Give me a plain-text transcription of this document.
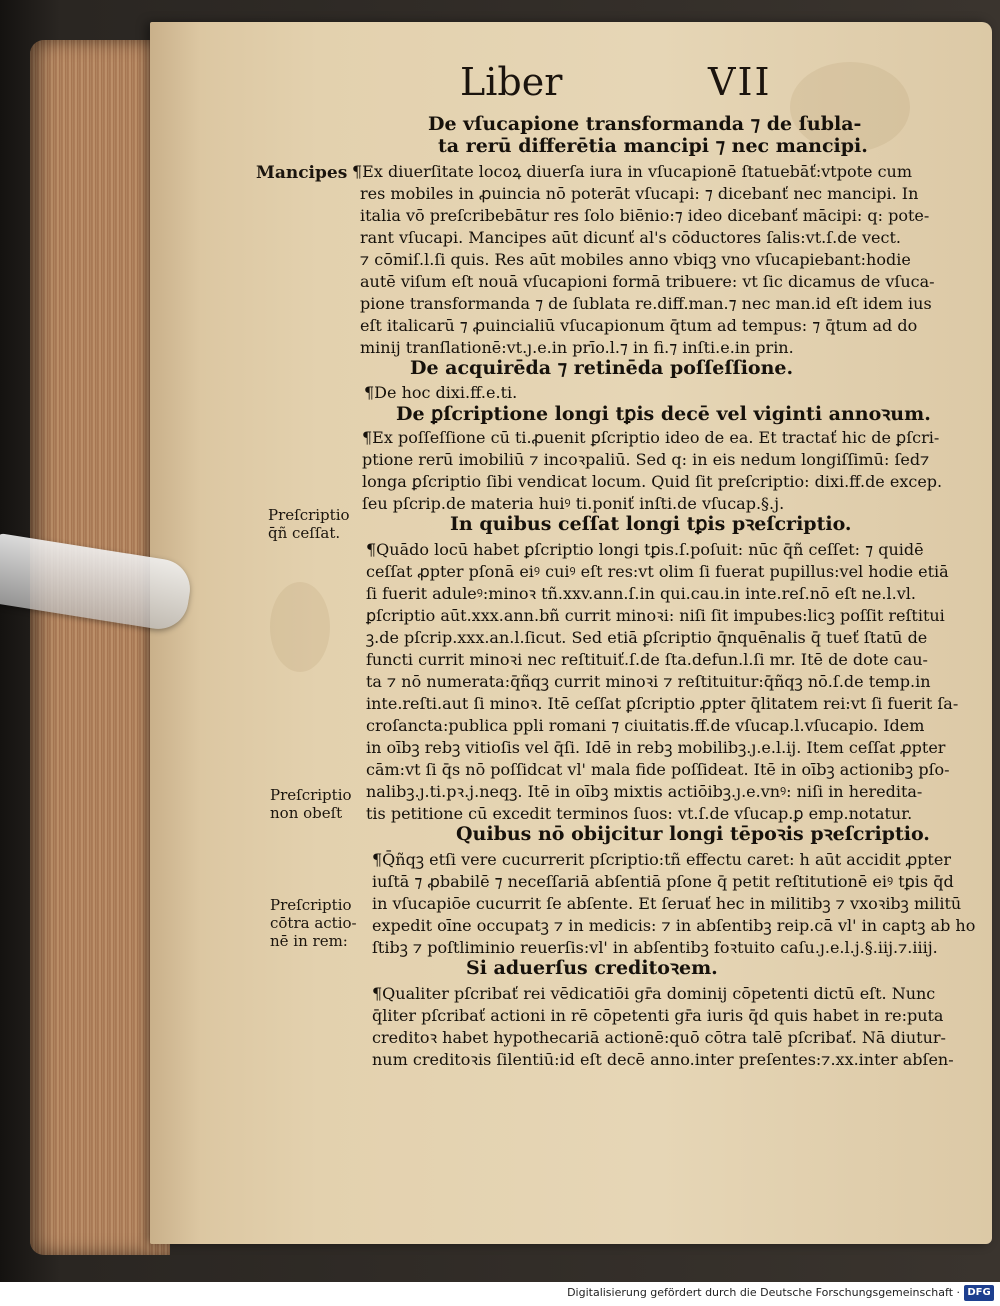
Liber	VII
De vſucapione transformanda ⁊ de ſubla-
ta rerū differētia mancipi ⁊ nec mancipi.
¶Ex diuerſitate locoꝝ diuerſa iura in vſucapionē ſtatuebāť:vtpote cum
res mobiles in ꝓuincia nō poterāt vſucapi: ⁊ dicebanť nec mancipi. In
italia vō preſcribebātur res ſolo biēnio:⁊ ideo dicebanť mācipi: q: pote-
rant vſucapi. Mancipes aūt dicunť al's cōductores ſalis:vt.ſ.de vect.
⁊ cōmiſ.l.ſi quis. Res aūt mobiles anno vbiqꝫ vno vſucapiebant:hodie
autē viſum eſt nouā vſucapioni formā tribuere: vt ſic dicamus de vſuca-
pione transformanda ⁊ de ſublata re.diff.man.⁊ nec man.id eſt idem ius
eſt italicarū ⁊ ꝓuincialiū vſucapionum q̄tum ad tempus: ⁊ q̄tum ad do
minij tranſlationē:vt.ȷ.e.in prīo.l.⁊ in fi.⁊ inſti.e.in prin.
De acquirēda ⁊ retinēda poſſeſſione.
¶De hoc dixi.ff.e.ti.
De ꝑſcriptione longi tꝑis decē vel viginti annoꝛum.
¶Ex poſſeſſione cū ti.ꝓuenit ꝑſcriptio ideo de ea. Et tractať hic de ꝑſcri-
ptione rerū imobiliū ⁊ incoꝛpaliū. Sed q: in eis nedum longiſſimū: ſed⁊
longa ꝑſcriptio ſibi vendicat locum. Quid ſit preſcriptio: dixi.ff.de excep.
ſeu pſcrip.de materia huiꝰ ti.poniť inſti.de vſucap.§.j.
In quibus ceſſat longi tꝑis pꝛeſcriptio.
¶Quādo locū habet ꝑſcriptio longi tꝑis.ſ.poſuit: nūc q̄ñ ceſſet: ⁊ quidē
ceſſat ꝓpter pſonā eiꝰ cuiꝰ eſt res:vt olim ſi fuerat pupillus:vel hodie etiā
ſi fuerit aduleꝰ:minoꝛ tñ.xxv.ann.ſ.in qui.cau.in inte.reſ.nō eſt ne.l.vl.
ꝑſcriptio aūt.xxx.ann.bñ currit minoꝛi: niſi ſit impubes:licꝫ poſſit reſtitui
ꝫ.de pſcrip.xxx.an.l.ſicut. Sed etiā ꝑſcriptio q̄nquēnalis q̄ tueť ſtatū de
functi currit minoꝛi nec reſtituiť.ſ.de ſta.defun.l.ſi mr. Itē de dote cau-
ta ⁊ nō numerata:q̄ñqꝫ currit minoꝛi ⁊ reſtituitur:q̄ñqꝫ nō.ſ.de temp.in
inte.reſti.aut ſi minoꝛ. Itē ceſſat ꝑſcriptio ꝓpter q̄litatem rei:vt ſi fuerit ſa-
croſancta:publica ppli romani ⁊ ciuitatis.ff.de vſucap.l.vſucapio. Idem
in oībꝫ rebꝫ vitioſis vel q̄ſi. Idē in rebꝫ mobilibꝫ.ȷ.e.l.ij. Item ceſſat ꝓpter
cām:vt ſi q̄s nō poſſidcat vl' mala fide poſſideat. Itē in oībꝫ actionibꝫ pſo-
nalibꝫ.ȷ.ti.pꝛ.j.neqꝫ. Itē in oībꝫ mixtis actiōibꝫ.ȷ.e.vnꝰ: niſi in heredita-
tis petitione cū excedit terminos ſuos: vt.ſ.de vſucap.ꝑ emp.notatur.
Quibus nō obijcitur longi tēpoꝛis pꝛeſcriptio.
¶Q̄ñqꝫ etſi vere cucurrerit pſcriptio:tñ effectu caret: h aūt accidit ꝓpter
iuſtā ⁊ ꝓbabilē ⁊ neceſſariā abſentiā pſone q̄ petit reſtitutionē eiꝰ tꝑis q̄d
in vſucapiōe cucurrit ſe abſente. Et ſeruať hec in militibꝫ ⁊ vxoꝛibꝫ militū
expedit oīne occupatꝫ ⁊ in medicis: ⁊ in abſentibꝫ reip.cā vl' in captꝫ ab ho
ſtibꝫ ⁊ poſtliminio reuerſis:vl' in abſentibꝫ foꝛtuito caſu.ȷ.e.l.j.§.iij.⁊.iiij.
Si aduerſus creditoꝛem.
¶Qualiter pſcribať rei vēdicatiōi gr̄a dominij cōpetenti dictū eſt. Nunc
q̄liter pſcribať actioni in rē cōpetenti gr̄a iuris q̄d quis habet in re:puta
creditoꝛ habet hypothecariā actionē:quō cōtra talē pſcribať. Nā diutur-
num creditoꝛis ſilentiū:id eſt decē anno.inter preſentes:⁊.xx.inter abſen-
Mancipes
Preſcriptio
q̄ñ ceſſat.
Preſcriptio
non obeſt
Preſcriptio
cōtra actio-
nē in rem:
Digitalisierung gefördert durch die Deutsche Forschungsgemeinschaft · DFG
